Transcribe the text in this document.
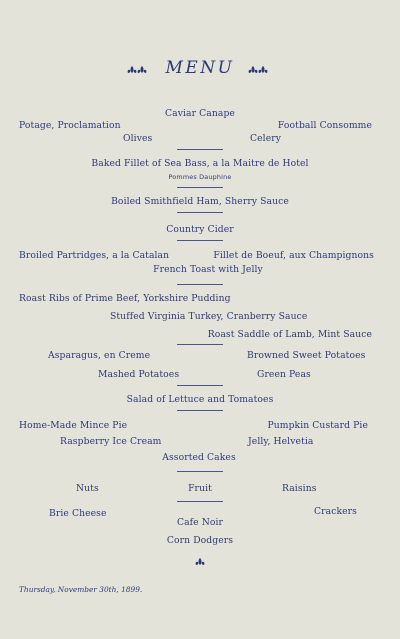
MENU
Caviar Canape
Potage, Proclamation	Football Consomme
Olives	Celery
Baked Fillet of Sea Bass, a la Maitre de Hotel
Pommes Dauphine
Boiled Smithfield Ham, Sherry Sauce
Country Cider
Broiled Partridges, a la Catalan	Fillet de Boeuf, aux Champignons
French Toast with Jelly
Roast Ribs of Prime Beef, Yorkshire Pudding
Stuffed Virginia Turkey, Cranberry Sauce
Roast Saddle of Lamb, Mint Sauce
Asparagus, en Creme	Browned Sweet Potatoes
Mashed Potatoes	Green Peas
Salad of Lettuce and Tomatoes
Home-Made Mince Pie	Pumpkin Custard Pie
Raspberry Ice Cream	Jelly, Helvetia
Assorted Cakes
Nuts	Fruit	Raisins
Brie Cheese	Crackers
Cafe Noir
Corn Dodgers
Thursday, November 30th, 1899.
